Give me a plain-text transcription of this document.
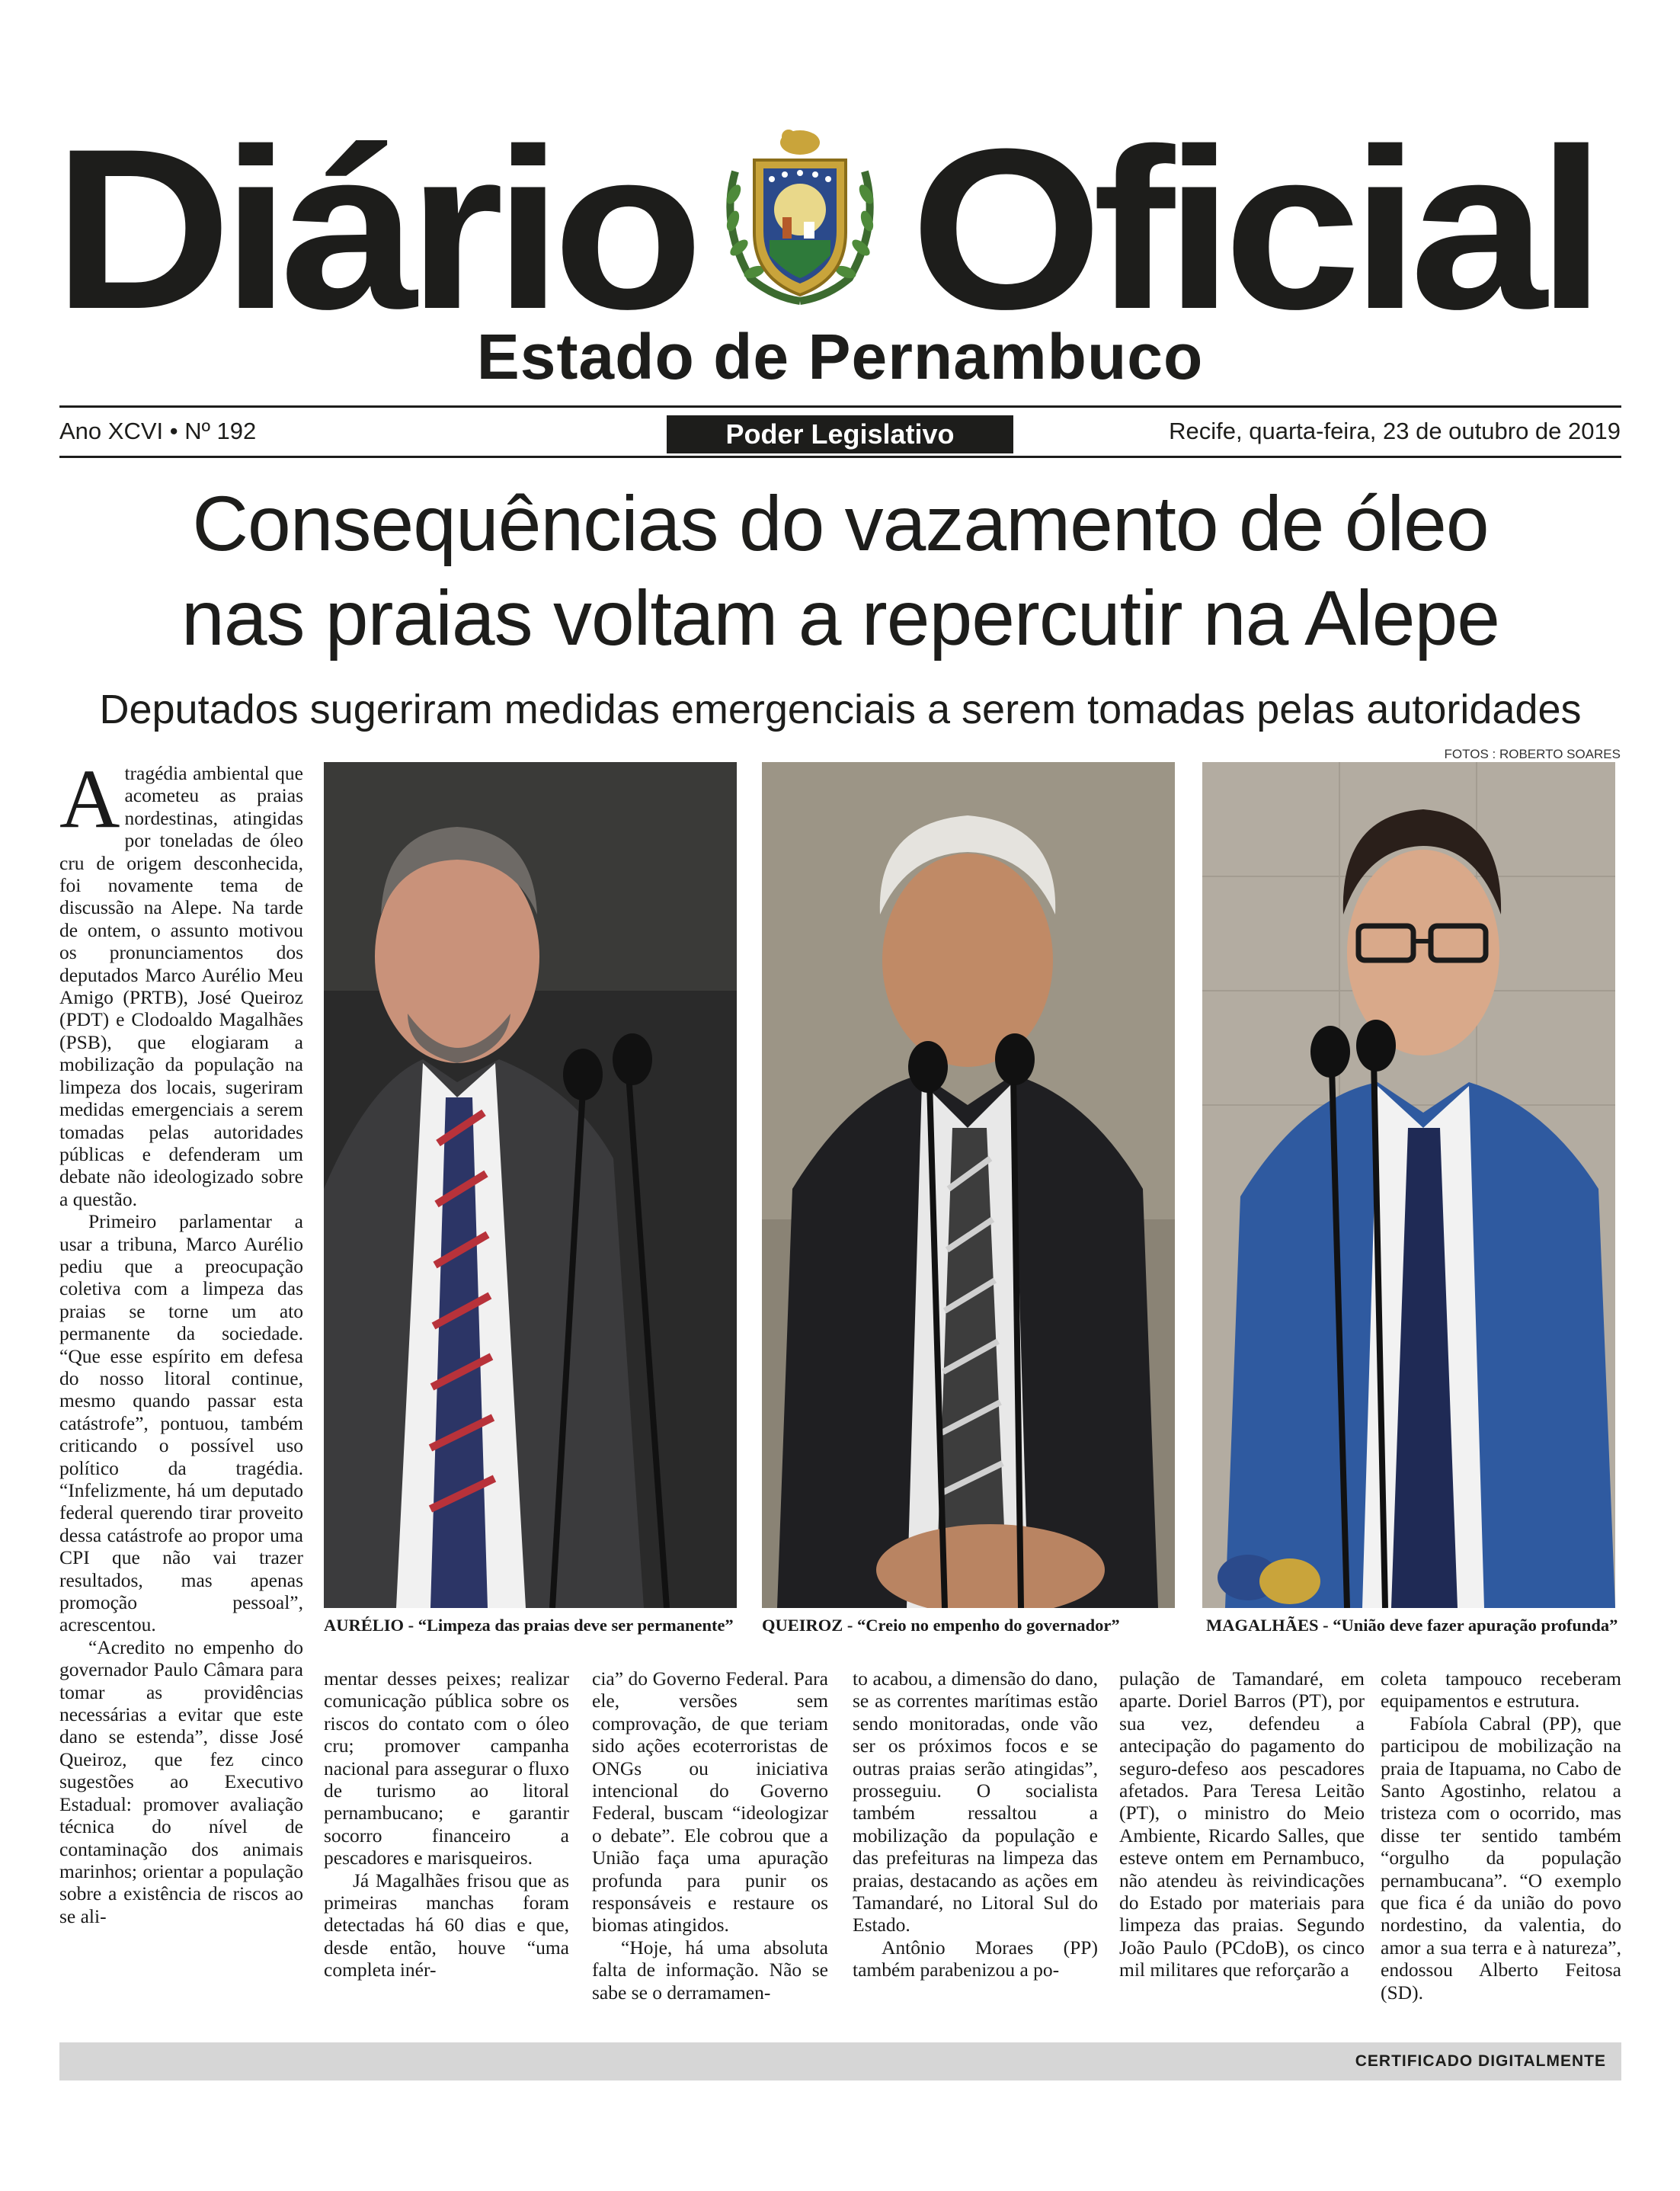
Diário Oficial
Estado de Pernambuco
Ano XCVI • Nº 192	Poder Legislativo	Recife, quarta-feira, 23 de outubro de 2019
Consequências do vazamento de óleo
nas praias voltam a repercutir na Alepe
Deputados sugeriram medidas emergenciais a serem tomadas pelas autoridades
FOTOS : ROBERTO SOARES

A tragédia ambiental que acometeu as praias nordestinas, atingidas por toneladas de óleo cru de origem desconhecida, foi novamente tema de discussão na Alepe. Na tarde de ontem, o assunto motivou os pronunciamentos dos deputados Marco Aurélio Meu Amigo (PRTB), José Queiroz (PDT) e Clodoaldo Magalhães (PSB), que elogiaram a mobilização da população na limpeza dos locais, sugeriram medidas emergenciais a serem tomadas pelas autoridades públicas e defenderam um debate não ideologizado sobre a questão.

Primeiro parlamentar a usar a tribuna, Marco Aurélio pediu que a preocupação coletiva com a limpeza das praias se torne um ato permanente da sociedade. “Que esse espírito em defesa do nosso litoral continue, mesmo quando passar esta catástrofe”, pontuou, também criticando o possível uso político da tragédia. “Infelizmente, há um deputado federal querendo tirar proveito dessa catástrofe ao propor uma CPI que não vai trazer resultados, mas apenas promoção pessoal”, acrescentou.

“Acredito no empenho do governador Paulo Câmara para tomar as providências necessárias a evitar que este dano se estenda”, disse José Queiroz, que fez cinco sugestões ao Executivo Estadual: promover avaliação técnica do nível de contaminação dos animais marinhos; orientar a população sobre a existência de riscos ao se ali-

AURÉLIO - “Limpeza das praias deve ser permanente” QUEIROZ - “Creio no empenho do governador”	MAGALHÃES - “União deve fazer apuração profunda”

mentar desses peixes; realizar comunicação pública sobre os riscos do contato com o óleo cru; promover campanha nacional para assegurar o fluxo de turismo ao litoral pernambucano; e garantir socorro financeiro a pescadores e marisqueiros.

Já Magalhães frisou que as primeiras manchas foram detectadas há 60 dias e que, desde então, houve “uma completa inér-

cia” do Governo Federal. Para ele, versões sem comprovação, de que teriam sido ações ecoterroristas de ONGs ou iniciativa intencional do Governo Federal, buscam “ideologizar o debate”. Ele cobrou que a União faça uma apuração profunda para punir os responsáveis e restaure os biomas atingidos.

“Hoje, há uma absoluta falta de informação. Não se sabe se o derramamen-

to acabou, a dimensão do dano, se as correntes marítimas estão sendo monitoradas, onde vão ser os próximos focos e se outras praias serão atingidas”, prosseguiu. O socialista também ressaltou a mobilização da população e das prefeituras na limpeza das praias, destacando as ações em Tamandaré, no Litoral Sul do Estado.

Antônio Moraes (PP) também parabenizou a po-

pulação de Tamandaré, em aparte. Doriel Barros (PT), por sua vez, defendeu a antecipação do pagamento do seguro-defeso aos pescadores afetados. Para Teresa Leitão (PT), o ministro do Meio Ambiente, Ricardo Salles, que esteve ontem em Pernambuco, não atendeu às reivindicações do Estado por materiais para limpeza das praias. Segundo João Paulo (PCdoB), os cinco mil militares que reforçarão a

coleta tampouco receberam equipamentos e estrutura.

Fabíola Cabral (PP), que participou de mobilização na praia de Itapuama, no Cabo de Santo Agostinho, relatou a tristeza com o ocorrido, mas disse ter sentido também “orgulho da população pernambucana”. “O exemplo que fica é da união do povo nordestino, da valentia, do amor a sua terra e à natureza”, endossou Alberto Feitosa (SD).

CERTIFICADO DIGITALMENTE
